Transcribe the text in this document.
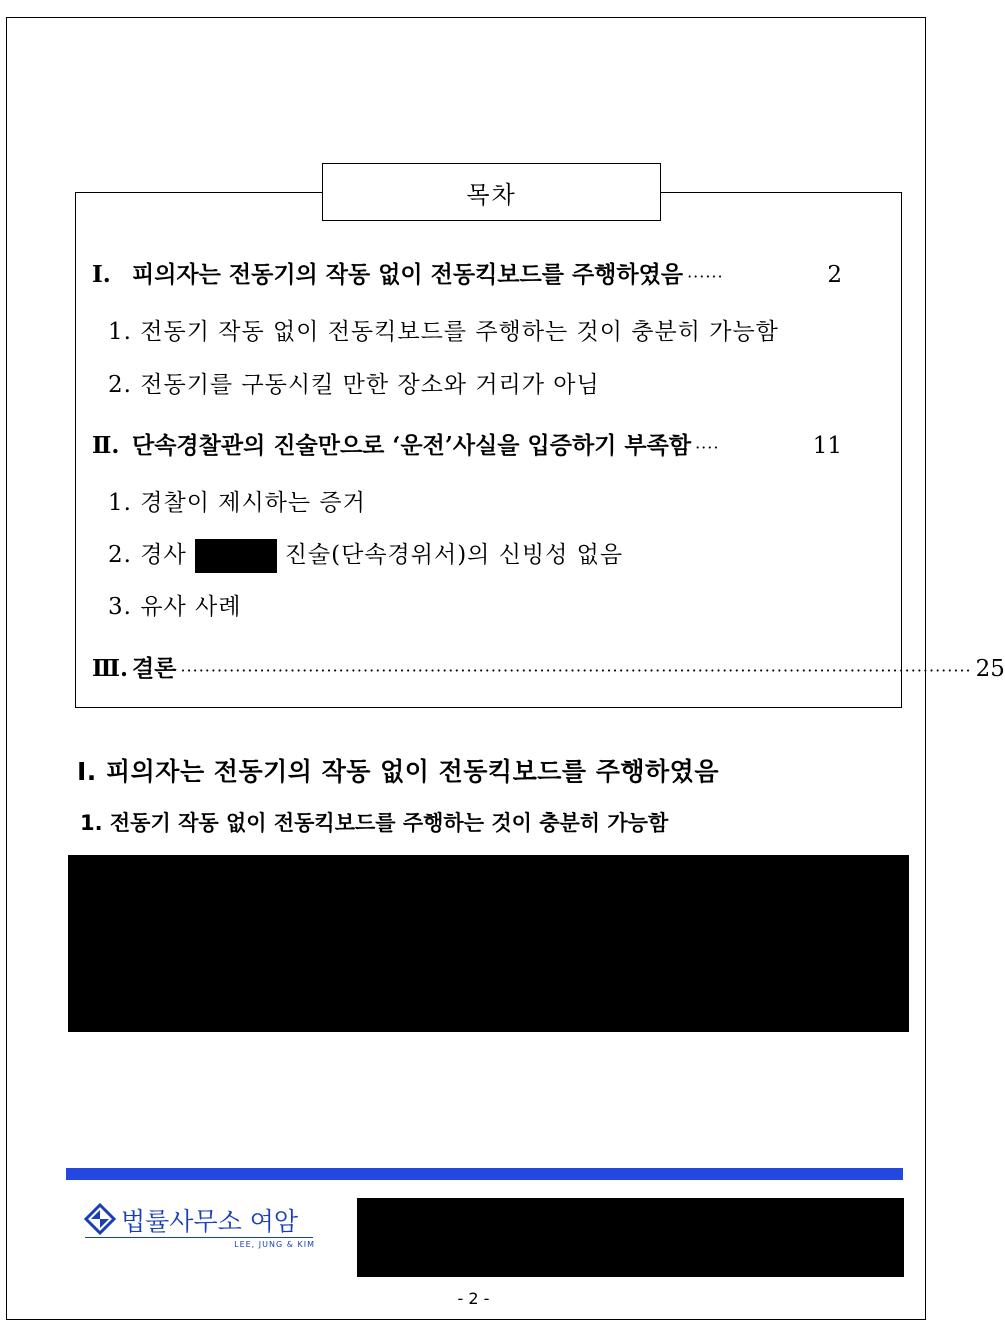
목차
Ⅰ. 피의자는 전동기의 작동 없이 전동킥보드를 주행하였음 ······	2
1. 전동기 작동 없이 전동킥보드를 주행하는 것이 충분히 가능함
2. 전동기를 구동시킬 만한 장소와 거리가 아님
Ⅱ. 단속경찰관의 진술만으로 ‘운전’사실을 입증하기 부족함 ····	11
1. 경찰이 제시하는 증거
2. 경사	진술(단속경위서)의 신빙성 없음
3. 유사 사례
Ⅲ. 결론 ·································································································································· 25
Ⅰ. 피의자는 전동기의 작동 없이 전동킥보드를 주행하였음
1. 전동기 작동 없이 전동킥보드를 주행하는 것이 충분히 가능함
법률사무소 여암
LEE, JUNG & KIM
- 2 -
